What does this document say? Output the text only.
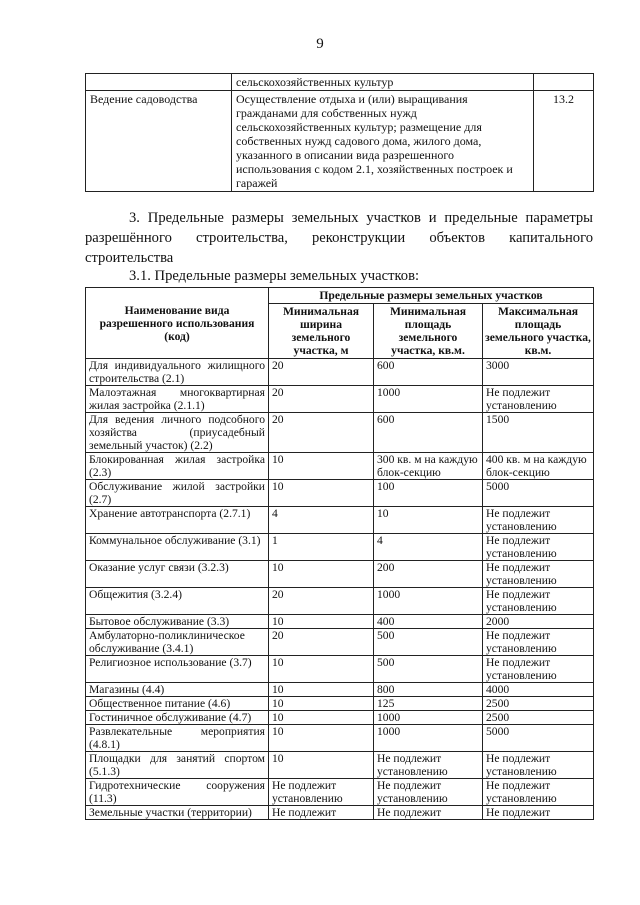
9
	сельскохозяйственных культур	
Ведение садоводства	Осуществление отдыха и (или) выращивания гражданами для собственных нужд сельскохозяйственных культур; размещение для собственных нужд садового дома, жилого дома, указанного в описании вида разрешенного использования с кодом 2.1, хозяйственных построек и гаражей	13.2
3. Предельные размеры земельных участков и предельные параметры
разрешённого строительства, реконструкции объектов капитального
строительства
3.1. Предельные размеры земельных участков:
Наименование вида разрешенного использования (код)	Предельные размеры земельных участков		
	Минимальная ширина земельного участка, м	Минимальная площадь земельного участка, кв.м.	Максимальная площадь земельного участка, кв.м.
Для индивидуального жилищного строительства (2.1)	20	600	3000
Малоэтажная многоквартирная жилая застройка (2.1.1)	20	1000	Не подлежит установлению
Для ведения личного подсобного хозяйства (приусадебный земельный участок) (2.2)	20	600	1500
Блокированная жилая застройка (2.3)	10	300 кв. м на каждую блок-секцию	400 кв. м на каждую блок-секцию
Обслуживание жилой застройки (2.7)	10	100	5000
Хранение автотранспорта (2.7.1)	4	10	Не подлежит установлению
Коммунальное обслуживание (3.1)	1	4	Не подлежит установлению
Оказание услуг связи (3.2.3)	10	200	Не подлежит установлению
Общежития (3.2.4)	20	1000	Не подлежит установлению
Бытовое обслуживание (3.3)	10	400	2000
Амбулаторно-поликлиническое обслуживание (3.4.1)	20	500	Не подлежит установлению
Религиозное использование (3.7)	10	500	Не подлежит установлению
Магазины (4.4)	10	800	4000
Общественное питание (4.6)	10	125	2500
Гостиничное обслуживание (4.7)	10	1000	2500
Развлекательные мероприятия (4.8.1)	10	1000	5000
Площадки для занятий спортом (5.1.3)	10	Не подлежит установлению	Не подлежит установлению
Гидротехнические сооружения (11.3)	Не подлежит установлению	Не подлежит установлению	Не подлежит установлению
Земельные участки (территории)	Не подлежит	Не подлежит	Не подлежит
